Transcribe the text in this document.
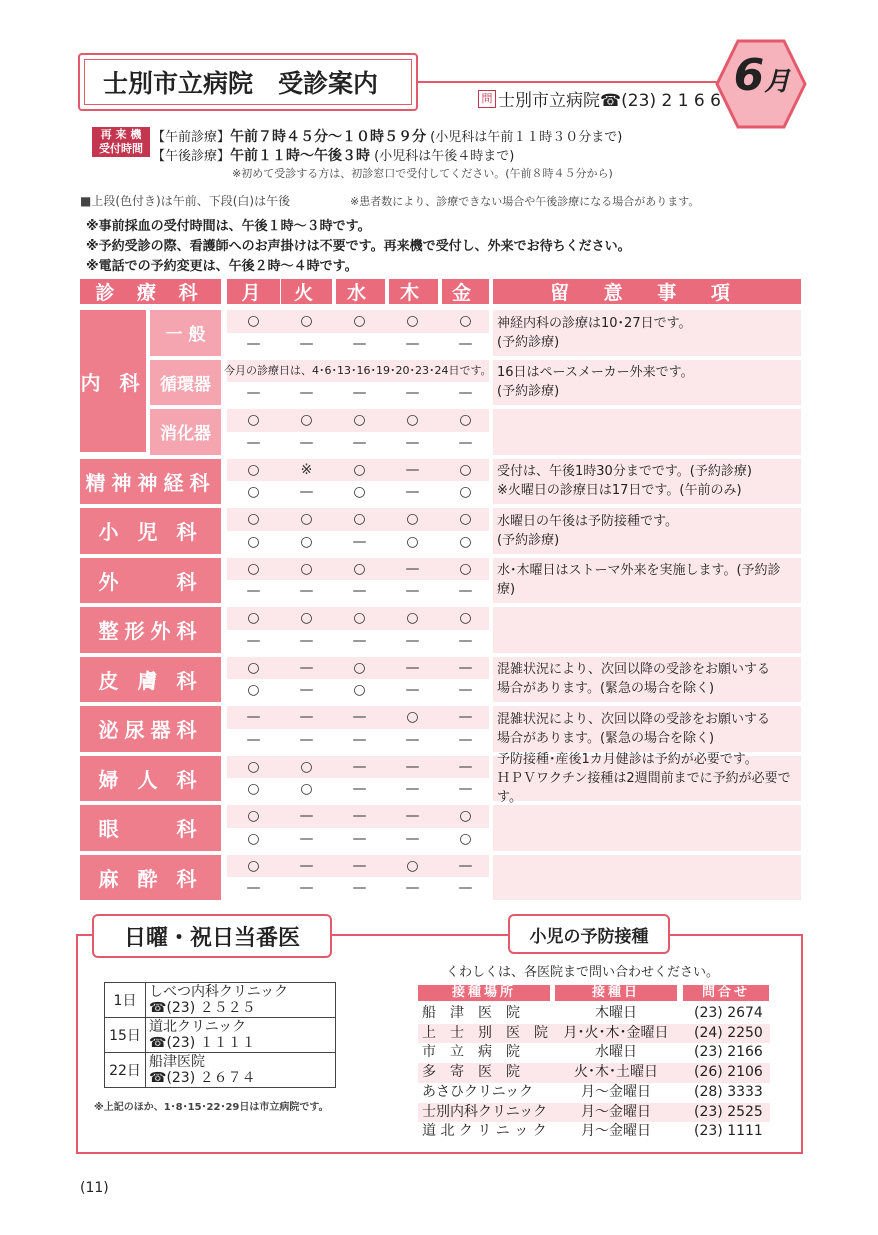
士別市立病院　受診案内	問 士別市立病院☎(23) 2 1 6 6 6月
再 来 機
受付時間
【午前診療】午前７時４５分～１０時５９分 (小児科は午前１１時３０分まで)
【午後診療】午前１１時～午後３時 (小児科は午後４時まで)
※初めて受診する方は、初診窓口で受付してください。(午前８時４５分から)
■上段(色付き)は午前、下段(白)は午後	※患者数により、診療できない場合や午後診療になる場合があります。
※事前採血の受付時間は、午後１時～３時です。
※予約受診の際、看護師へのお声掛けは不要です。再来機で受付し、外来でお待ちください。
※電話での予約変更は、午後２時～４時です。
診 療 科	月	火	水	木	金	留 意 事 項
内 科
一 般
○	○	○	○	○
—	—	—	—	—
神経内科の診療は10･27日です。
(予約診療)
循環器
今月の診療日は、4･6･13･16･19･20･23･24日です。
—	—	—	—	—
16日はペースメーカー外来です。
(予約診療)
消化器
○	○	○	○	○
—	—	—	—	—
精神神経科
○	※	○	—	○
○	—	○	—	○
受付は、午後1時30分までです。(予約診療)
※火曜日の診療日は17日です。(午前のみ)
小 児 科
○	○	○	○	○
○	○	—	○	○
水曜日の午後は予防接種です。
(予約診療)
外　　科
○	○	○	—	○
—	—	—	—	—
水･木曜日はストーマ外来を実施します。(予約診療)
整形外科
○	○	○	○	○
—	—	—	—	—
皮 膚 科
○	—	○	—	—
○	—	○	—	—
混雑状況により、次回以降の受診をお願いする
場合があります。(緊急の場合を除く)
泌尿器科
—	—	—	○	—
—	—	—	—	—
混雑状況により、次回以降の受診をお願いする
場合があります。(緊急の場合を除く)
婦 人 科
○	○	—	—	—
○	○	—	—	—
予防接種･産後1カ月健診は予約が必要です。
ＨＰＶワクチン接種は2週間前までに予約が必要です。
眼　　科
○	—	—	—	○
○	—	—	—	○
麻 酔 科
○	—	—	○	—
—	—	—	—	—
日曜・祝日当番医	小児の予防接種
1日	しべつ内科クリニック
☎(23) ２５２５

15日	道北クリニック
☎(23) １１１１

22日	船津医院
☎(23) ２６７４
※上記のほか、1･8･15･22･29日は市立病院です。
くわしくは、各医院まで問い合わせください。
接種場所	接種日	問合せ
船　津　医　院	木曜日	(23) 2674
上　士　別　医　院	月･火･木･金曜日	(24) 2250
市　立　病　院	水曜日	(23) 2166
多　寄　医　院	火･木･土曜日	(26) 2106
あさひクリニック	月～金曜日	(28) 3333
士別内科クリニック	月～金曜日	(23) 2525
道 北 ク リ ニ ッ ク	月～金曜日	(23) 1111
(11)
